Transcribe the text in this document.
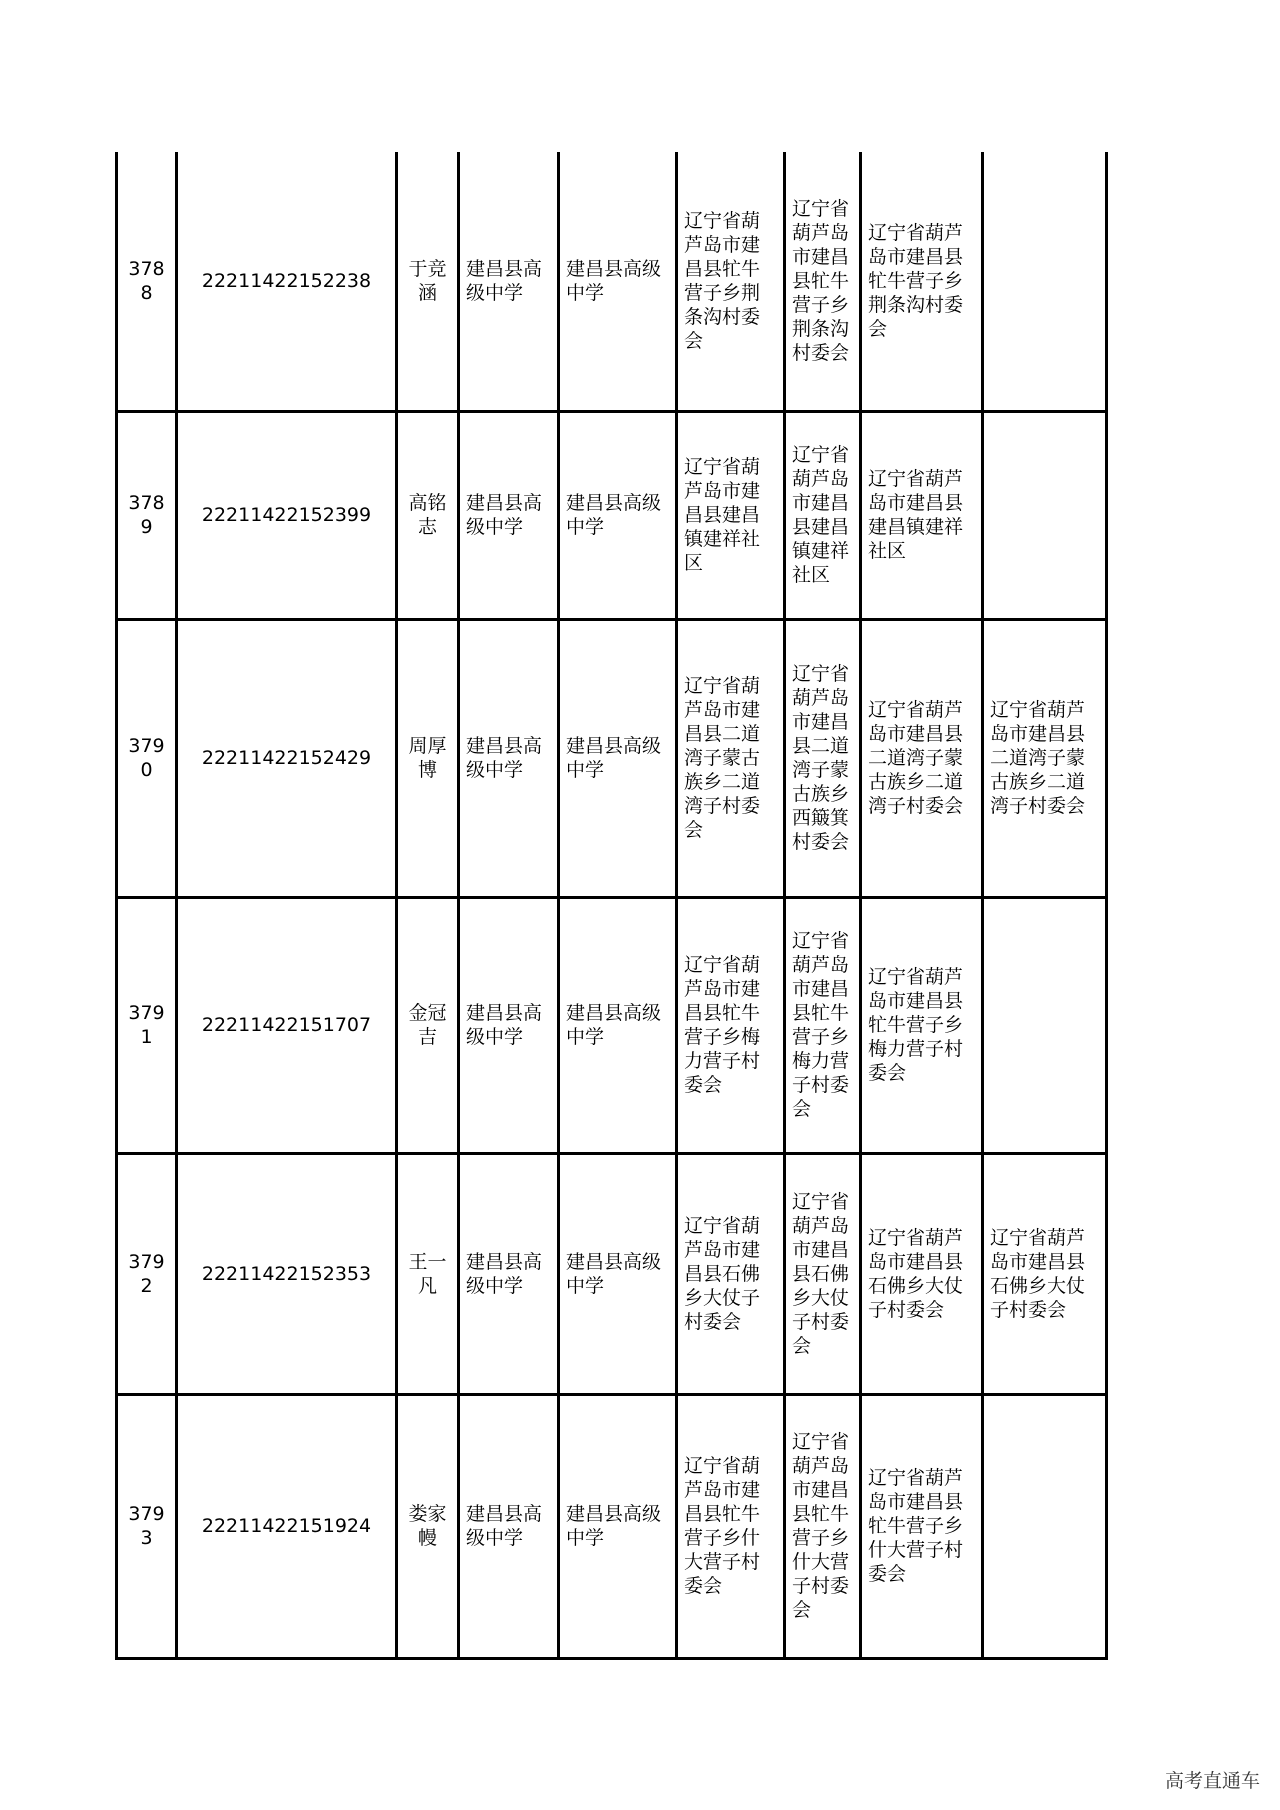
3788	22211422152238	于竞涵	建昌县高级中学	建昌县高级中学	辽宁省葫芦岛市建昌县牤牛营子乡荆条沟村委会	辽宁省葫芦岛市建昌县牤牛营子乡荆条沟村委会	辽宁省葫芦岛市建昌县牤牛营子乡荆条沟村委会	
3789	22211422152399	高铭志	建昌县高级中学	建昌县高级中学	辽宁省葫芦岛市建昌县建昌镇建祥社区	辽宁省葫芦岛市建昌县建昌镇建祥社区	辽宁省葫芦岛市建昌县建昌镇建祥社区	
3790	22211422152429	周厚博	建昌县高级中学	建昌县高级中学	辽宁省葫芦岛市建昌县二道湾子蒙古族乡二道湾子村委会	辽宁省葫芦岛市建昌县二道湾子蒙古族乡西簸箕村委会	辽宁省葫芦岛市建昌县二道湾子蒙古族乡二道湾子村委会	辽宁省葫芦岛市建昌县二道湾子蒙古族乡二道湾子村委会
3791	22211422151707	金冠吉	建昌县高级中学	建昌县高级中学	辽宁省葫芦岛市建昌县牤牛营子乡梅力营子村委会	辽宁省葫芦岛市建昌县牤牛营子乡梅力营子村委会	辽宁省葫芦岛市建昌县牤牛营子乡梅力营子村委会	
3792	22211422152353	王一凡	建昌县高级中学	建昌县高级中学	辽宁省葫芦岛市建昌县石佛乡大仗子村委会	辽宁省葫芦岛市建昌县石佛乡大仗子村委会	辽宁省葫芦岛市建昌县石佛乡大仗子村委会	辽宁省葫芦岛市建昌县石佛乡大仗子村委会
3793	22211422151924	娄家幔	建昌县高级中学	建昌县高级中学	辽宁省葫芦岛市建昌县牤牛营子乡什大营子村委会	辽宁省葫芦岛市建昌县牤牛营子乡什大营子村委会	辽宁省葫芦岛市建昌县牤牛营子乡什大营子村委会	
高考直通车
